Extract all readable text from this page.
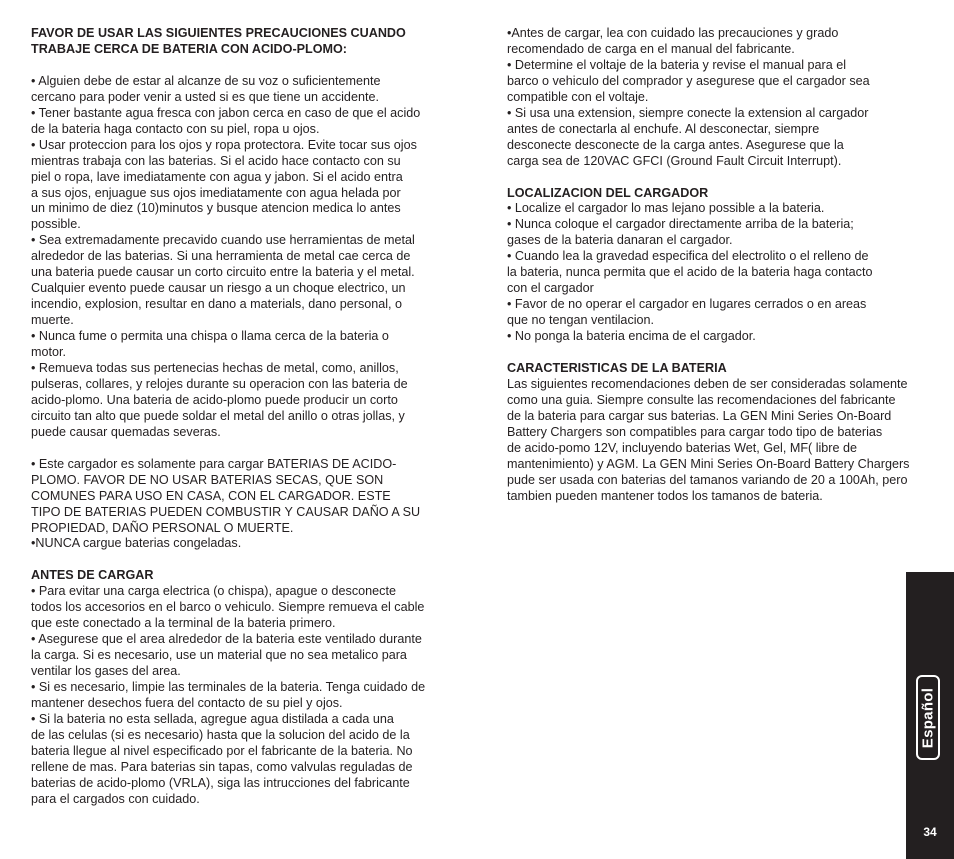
FAVOR DE USAR LAS SIGUIENTES PRECAUCIONES CUANDO
TRABAJE CERCA DE BATERIA CON ACIDO-PLOMO:

• Alguien debe de estar al alcanze de su voz o suficientemente
cercano para poder venir a usted si es que tiene un accidente.

• Tener bastante agua fresca con jabon cerca en caso de que el acido
de la bateria haga contacto con su piel, ropa u ojos.

• Usar proteccion para los ojos y ropa protectora. Evite tocar sus ojos
mientras trabaja con las baterias. Si el acido hace contacto con su
piel o ropa, lave imediatamente con agua y jabon. Si el acido entra
a sus ojos, enjuague sus ojos imediatamente con agua helada por
un minimo de diez (10)minutos y busque atencion medica lo antes
possible.

• Sea extremadamente precavido cuando use herramientas de metal
alrededor de las baterias. Si una herramienta de metal cae cerca de
una bateria puede causar un corto circuito entre la bateria y el metal.
Cualquier evento puede causar un riesgo a un choque electrico, un
incendio, explosion, resultar en dano a materials, dano personal, o
muerte.

• Nunca fume o permita una chispa o llama cerca de la bateria o
motor.

• Remueva todas sus pertenecias hechas de metal, como, anillos,
pulseras, collares, y relojes durante su operacion con las bateria de
acido-plomo. Una bateria de acido-plomo puede producir un corto
circuito tan alto que puede soldar el metal del anillo o otras jollas, y
puede causar quemadas severas.

• Este cargador es solamente para cargar BATERIAS DE ACIDO-
PLOMO. FAVOR DE NO USAR BATERIAS SECAS, QUE SON
COMUNES PARA USO EN CASA, CON EL CARGADOR. ESTE
TIPO DE BATERIAS PUEDEN COMBUSTIR Y CAUSAR DAÑO A SU
PROPIEDAD, DAÑO PERSONAL O MUERTE.

•NUNCA cargue baterias congeladas.

ANTES DE CARGAR

• Para evitar una carga electrica (o chispa), apague o desconecte
todos los accesorios en el barco o vehiculo. Siempre remueva el cable
que este conectado a la terminal de la bateria primero.

• Asegurese que el area alrededor de la bateria este ventilado durante
la carga. Si es necesario, use un material que no sea metalico para
ventilar los gases del area.

• Si es necesario, limpie las terminales de la bateria. Tenga cuidado de
mantener desechos fuera del contacto de su piel y ojos.

• Si la bateria no esta sellada, agregue agua distilada a cada una
de las celulas (si es necesario) hasta que la solucion del acido de la
bateria llegue al nivel especificado por el fabricante de la bateria. No
rellene de mas. Para baterias sin tapas, como valvulas reguladas de
baterias de acido-plomo (VRLA), siga las intrucciones del fabricante
para el cargados con cuidado.

•Antes de cargar, lea con cuidado las precauciones y grado
recomendado de carga en el manual del fabricante.

• Determine el voltaje de la bateria y revise el manual para el
barco o vehiculo del comprador y asegurese que el cargador sea
compatible con el voltaje.

• Si usa una extension, siempre conecte la extension al cargador
antes de conectarla al enchufe. Al desconectar, siempre
desconecte desconecte de la carga antes. Asegurese que la
carga sea de 120VAC GFCI (Ground Fault Circuit Interrupt).

LOCALIZACION DEL CARGADOR

• Localize el cargador lo mas lejano possible a la bateria.

• Nunca coloque el cargador directamente arriba de la bateria;
gases de la bateria danaran el cargador.

• Cuando lea la gravedad especifica del electrolito o el relleno de
la bateria, nunca permita que el acido de la bateria haga contacto
con el cargador

• Favor de no operar el cargador en lugares cerrados o en areas
que no tengan ventilacion.

• No ponga la bateria encima de el cargador.

CARACTERISTICAS DE LA BATERIA

Las siguientes recomendaciones deben de ser consideradas solamente
como una guia. Siempre consulte las recomendaciones del fabricante
de la bateria para cargar sus baterias. La GEN Mini Series On-Board
Battery Chargers son compatibles para cargar todo tipo de baterias
de acido-pomo 12V, incluyendo baterias Wet, Gel, MF( libre de
mantenimiento) y AGM. La GEN Mini Series On-Board Battery Chargers
pude ser usada con baterias del tamanos variando de 20 a 100Ah, pero
tambien pueden mantener todos los tamanos de bateria.

Español
34
